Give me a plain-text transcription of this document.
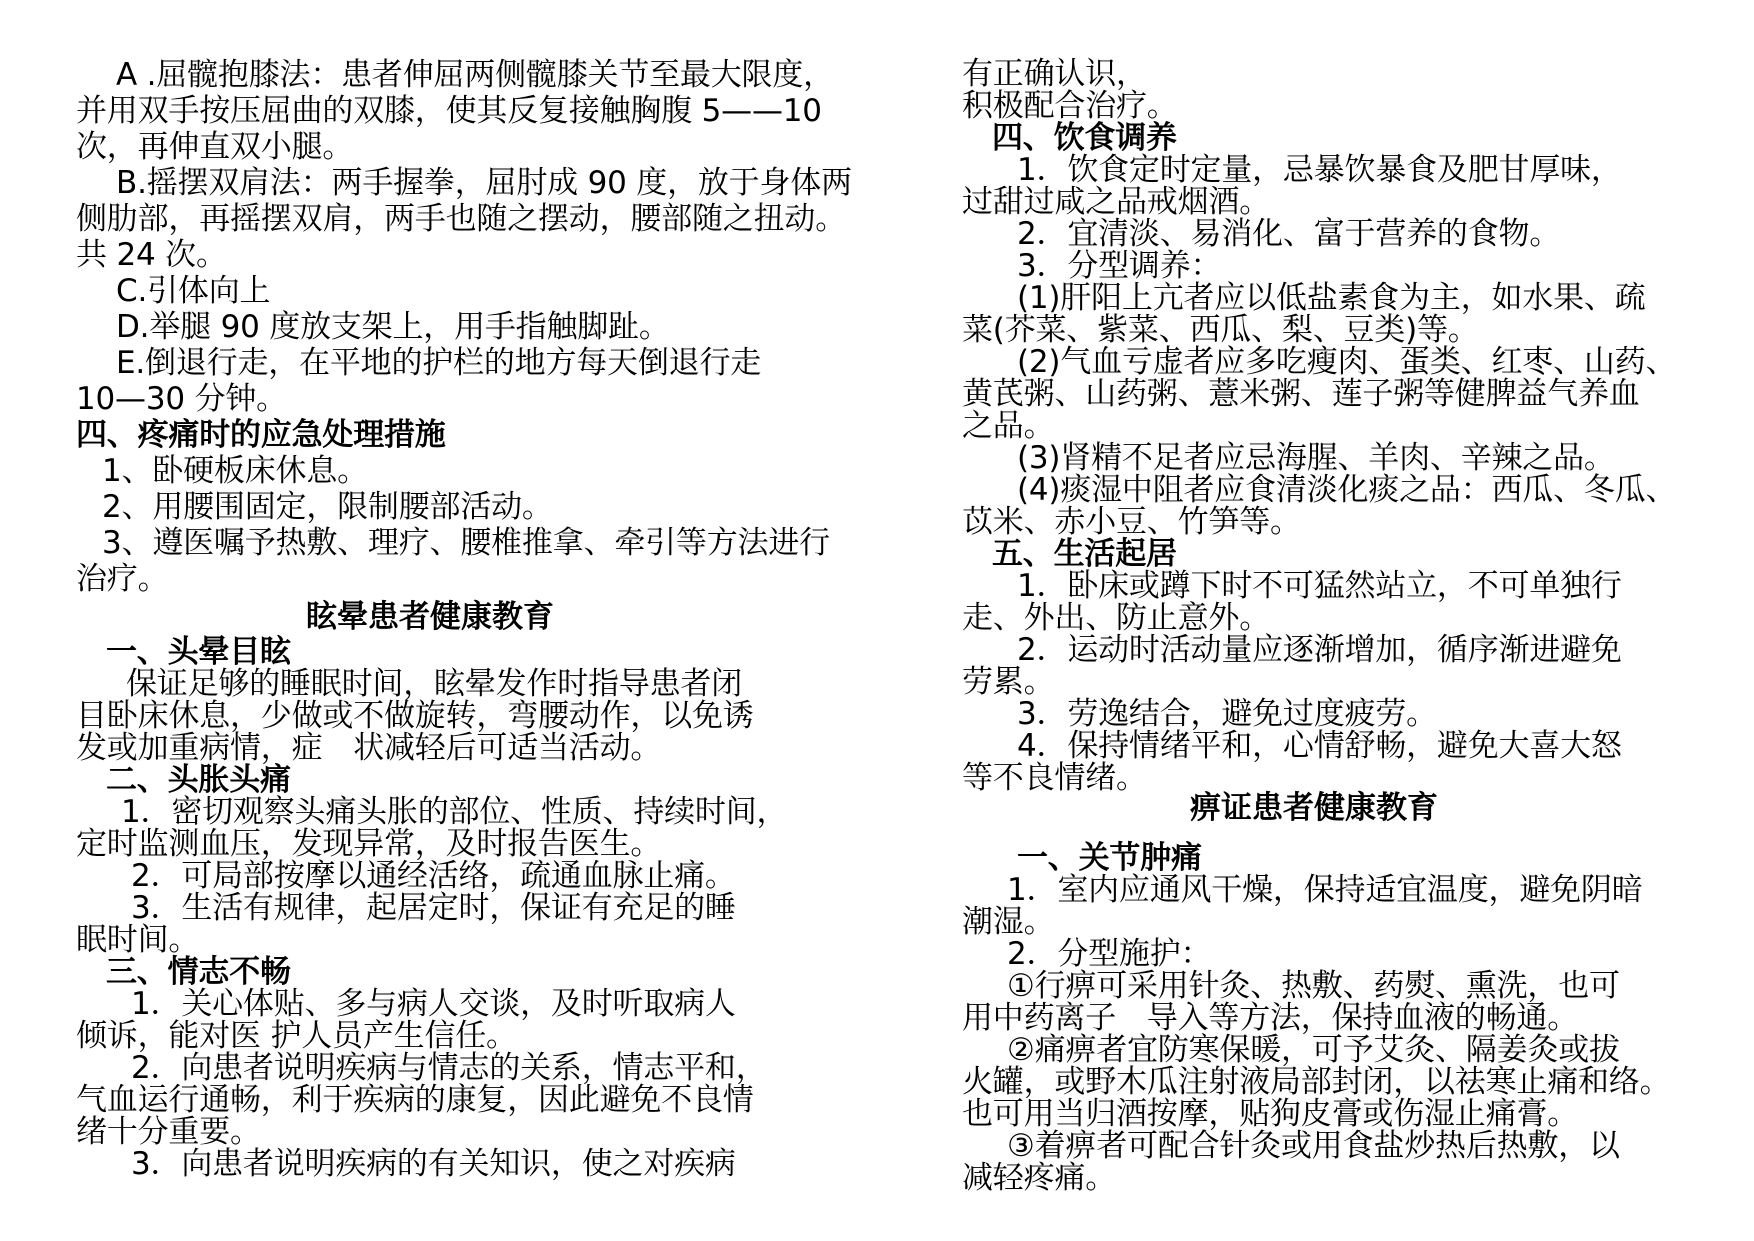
A .屈髋抱膝法：患者伸屈两侧髋膝关节至最大限度，
并用双手按压屈曲的双膝，使其反复接触胸腹 5——10
次，再伸直双小腿。
B.摇摆双肩法：两手握拳，屈肘成 90 度，放于身体两
侧肋部，再摇摆双肩，两手也随之摆动，腰部随之扭动。
共 24 次。
C.引体向上
D.举腿 90 度放支架上，用手指触脚趾。
E.倒退行走，在平地的护栏的地方每天倒退行走
10—30 分钟。
四、疼痛时的应急处理措施
1、卧硬板床休息。
2、用腰围固定，限制腰部活动。
3、遵医嘱予热敷、理疗、腰椎推拿、牵引等方法进行
治疗。
眩晕患者健康教育
一、头晕目眩
保证足够的睡眠时间，眩晕发作时指导患者闭
目卧床休息，少做或不做旋转，弯腰动作，以免诱
发或加重病情，症　状减轻后可适当活动。
二、头胀头痛
1．密切观察头痛头胀的部位、性质、持续时间，
定时监测血压，发现异常，及时报告医生。
2．可局部按摩以通经活络，疏通血脉止痛。
3．生活有规律，起居定时，保证有充足的睡
眠时间。
三、情志不畅
1．关心体贴、多与病人交谈，及时听取病人
倾诉，能对医 护人员产生信任。
2．向患者说明疾病与情志的关系，情志平和，
气血运行通畅，利于疾病的康复，因此避免不良情
绪十分重要。
3．向患者说明疾病的有关知识，使之对疾病
有正确认识，
积极配合治疗。
四、饮食调养
1．饮食定时定量，忌暴饮暴食及肥甘厚味，
过甜过咸之品戒烟酒。
2．宜清淡、易消化、富于营养的食物。
3．分型调养：
(1)肝阳上亢者应以低盐素食为主，如水果、疏
菜(芥菜、紫菜、西瓜、梨、豆类)等。
(2)气血亏虚者应多吃瘦肉、蛋类、红枣、山药、
黄芪粥、山药粥、薏米粥、莲子粥等健脾益气养血
之品。
(3)肾精不足者应忌海腥、羊肉、辛辣之品。
(4)痰湿中阻者应食清淡化痰之品：西瓜、冬瓜、
苡米、赤小豆、竹笋等。
五、生活起居
1．卧床或蹲下时不可猛然站立，不可单独行
走、外出、防止意外。
2．运动时活动量应逐渐增加，循序渐进避免
劳累。
3．劳逸结合，避免过度疲劳。
4．保持情绪平和，心情舒畅，避免大喜大怒
等不良情绪。
痹证患者健康教育
一、关节肿痛
1．室内应通风干燥，保持适宜温度，避免阴暗
潮湿。
2．分型施护：
①行痹可采用针灸、热敷、药熨、熏洗，也可
用中药离子　导入等方法，保持血液的畅通。
②痛痹者宜防寒保暖，可予艾灸、隔姜灸或拔
火罐，或野木瓜注射液局部封闭，以祛寒止痛和络。
也可用当归酒按摩，贴狗皮膏或伤湿止痛膏。
③着痹者可配合针灸或用食盐炒热后热敷，以
减轻疼痛。
